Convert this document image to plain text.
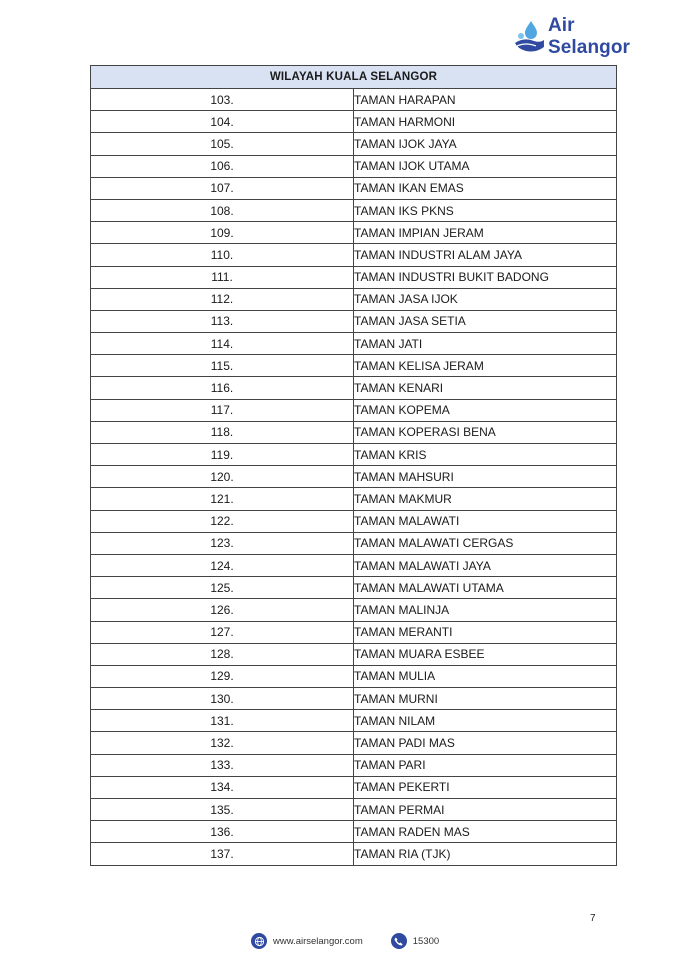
Air Selangor
WILAYAH KUALA SELANGOR	
103.	TAMAN HARAPAN
104.	TAMAN HARMONI
105.	TAMAN IJOK JAYA
106.	TAMAN IJOK UTAMA
107.	TAMAN IKAN EMAS
108.	TAMAN IKS PKNS
109.	TAMAN IMPIAN JERAM
110.	TAMAN INDUSTRI ALAM JAYA
111.	TAMAN INDUSTRI BUKIT BADONG
112.	TAMAN JASA IJOK
113.	TAMAN JASA SETIA
114.	TAMAN JATI
115.	TAMAN KELISA JERAM
116.	TAMAN KENARI
117.	TAMAN KOPEMA
118.	TAMAN KOPERASI BENA
119.	TAMAN KRIS
120.	TAMAN MAHSURI
121.	TAMAN MAKMUR
122.	TAMAN MALAWATI
123.	TAMAN MALAWATI CERGAS
124.	TAMAN MALAWATI JAYA
125.	TAMAN MALAWATI UTAMA
126.	TAMAN MALINJA
127.	TAMAN MERANTI
128.	TAMAN MUARA ESBEE
129.	TAMAN MULIA
130.	TAMAN MURNI
131.	TAMAN NILAM
132.	TAMAN PADI MAS
133.	TAMAN PARI
134.	TAMAN PEKERTI
135.	TAMAN PERMAI
136.	TAMAN RADEN MAS
137.	TAMAN RIA (TJK)
7
www.airselangor.com	15300
